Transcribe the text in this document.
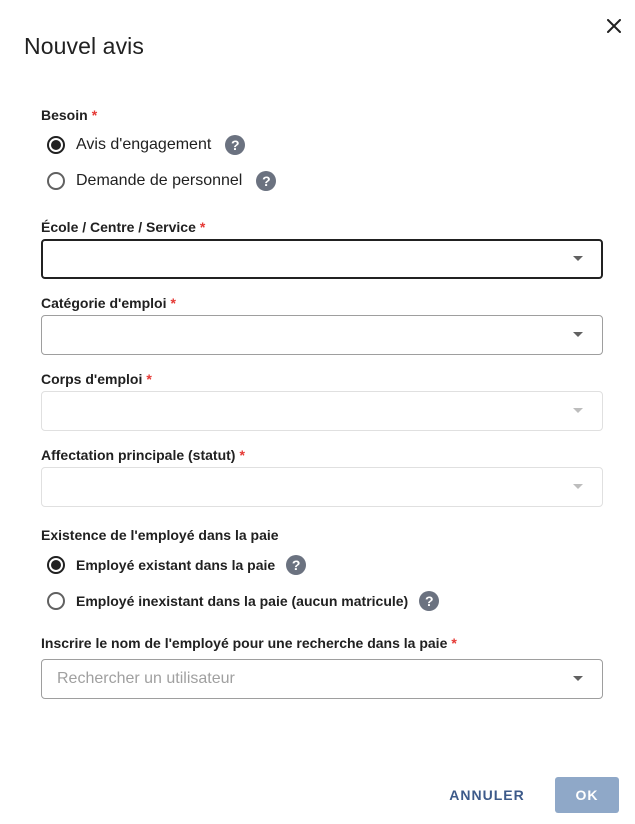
Nouvel avis
Besoin *
Avis d'engagement	?
Demande de personnel	?
École / Centre / Service *
Catégorie d'emploi *
Corps d'emploi *
Affectation principale (statut) *
Existence de l'employé dans la paie
Employé existant dans la paie	?
Employé inexistant dans la paie (aucun matricule)	?
Inscrire le nom de l'employé pour une recherche dans la paie *
Rechercher un utilisateur
ANNULER	OK
